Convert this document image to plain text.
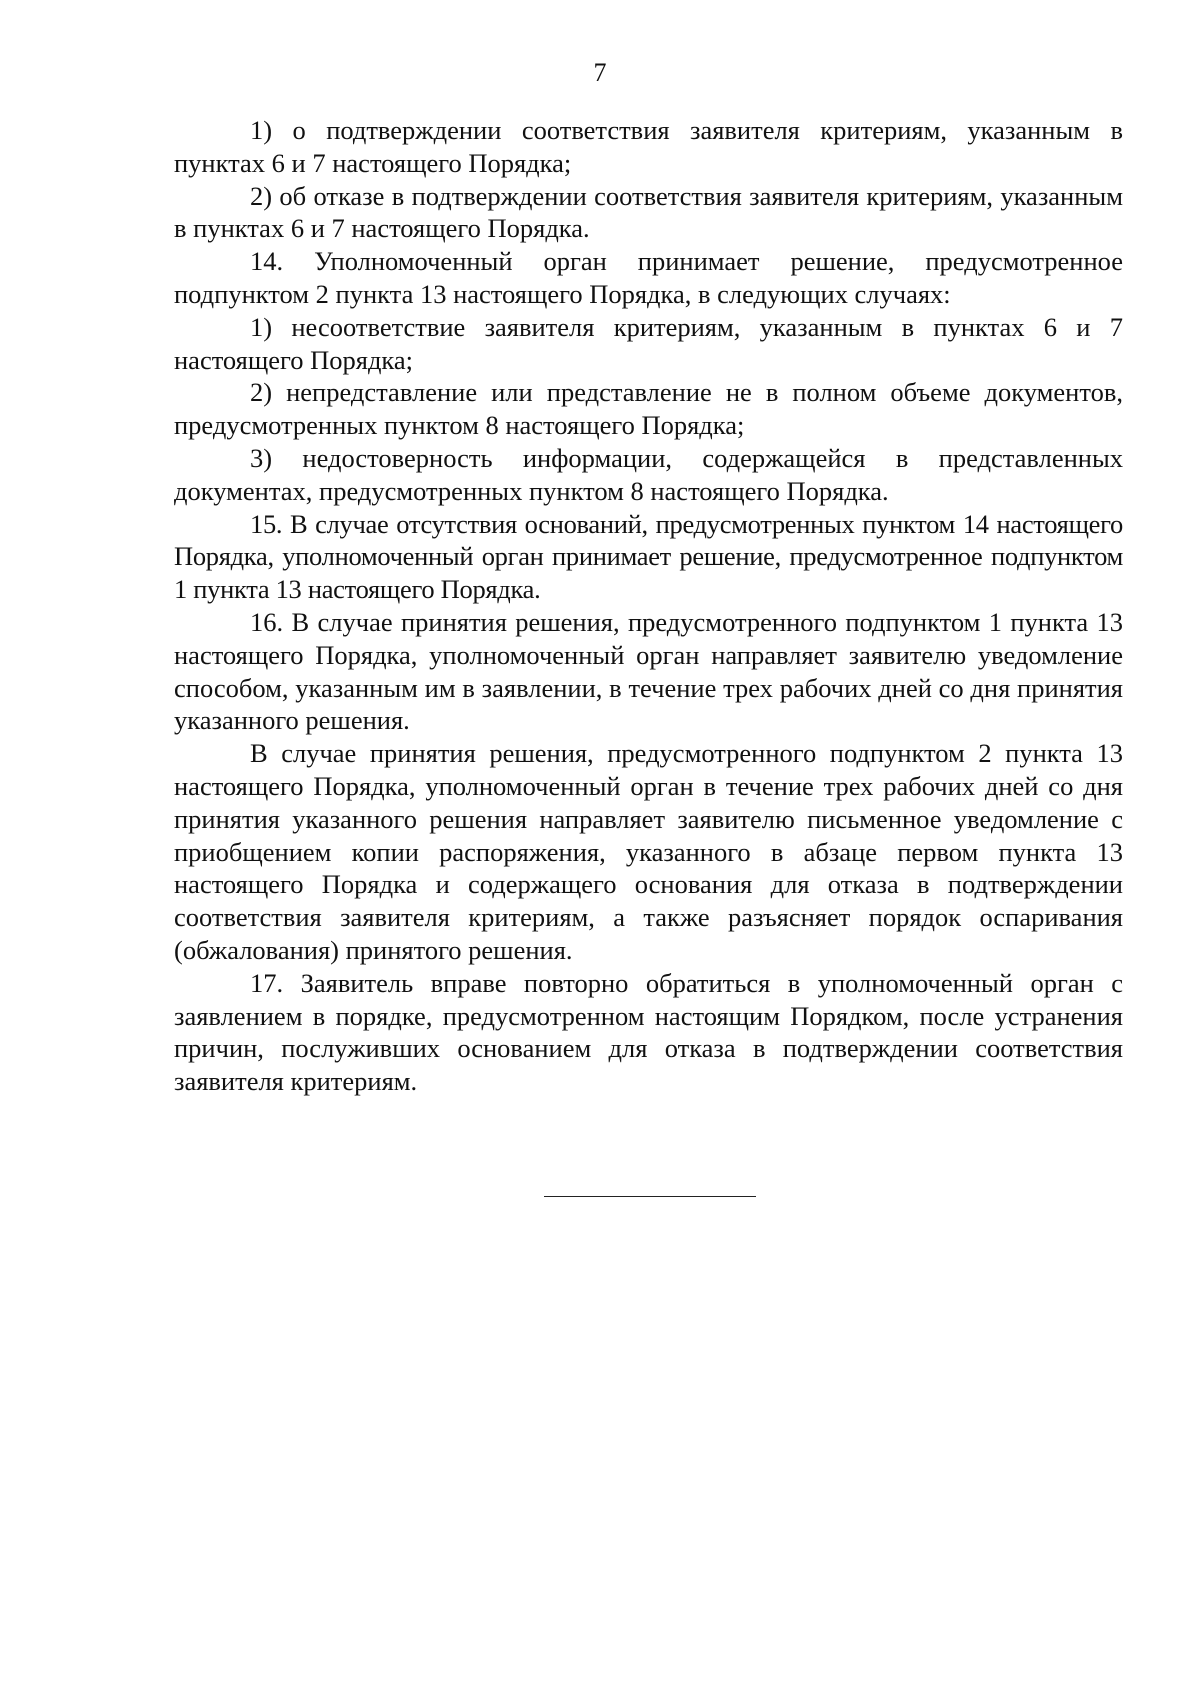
7

1) о подтверждении соответствия заявителя критериям, указанным в пунктах 6 и 7 настоящего Порядка;

2) об отказе в подтверждении соответствия заявителя критериям, указанным в пунктах 6 и 7 настоящего Порядка.

14. Уполномоченный орган принимает решение, предусмотренное подпунктом 2 пункта 13 настоящего Порядка, в следующих случаях:

1) несоответствие заявителя критериям, указанным в пунктах 6 и 7 настоящего Порядка;

2) непредставление или представление не в полном объеме документов, предусмотренных пунктом 8 настоящего Порядка;

3) недостоверность информации, содержащейся в представленных документах, предусмотренных пунктом 8 настоящего Порядка.

15. В случае отсутствия оснований, предусмотренных пунктом 14 настоящего Порядка, уполномоченный орган принимает решение, предусмотренное подпунктом 1 пункта 13 настоящего Порядка.

16. В случае принятия решения, предусмотренного подпунктом 1 пункта 13 настоящего Порядка, уполномоченный орган направляет заявителю уведомление способом, указанным им в заявлении, в течение трех рабочих дней со дня принятия указанного решения.

В случае принятия решения, предусмотренного подпунктом 2 пункта 13 настоящего Порядка, уполномоченный орган в течение трех рабочих дней со дня принятия указанного решения направляет заявителю письменное уведомление с приобщением копии распоряжения, указанного в абзаце первом пункта 13 настоящего Порядка и содержащего основания для отказа в подтверждении соответствия заявителя критериям, а также разъясняет порядок оспаривания (обжалования) принятого решения.

17. Заявитель вправе повторно обратиться в уполномоченный орган с заявлением в порядке, предусмотренном настоящим Порядком, после устранения причин, послуживших основанием для отказа в подтверждении соответствия заявителя критериям.
